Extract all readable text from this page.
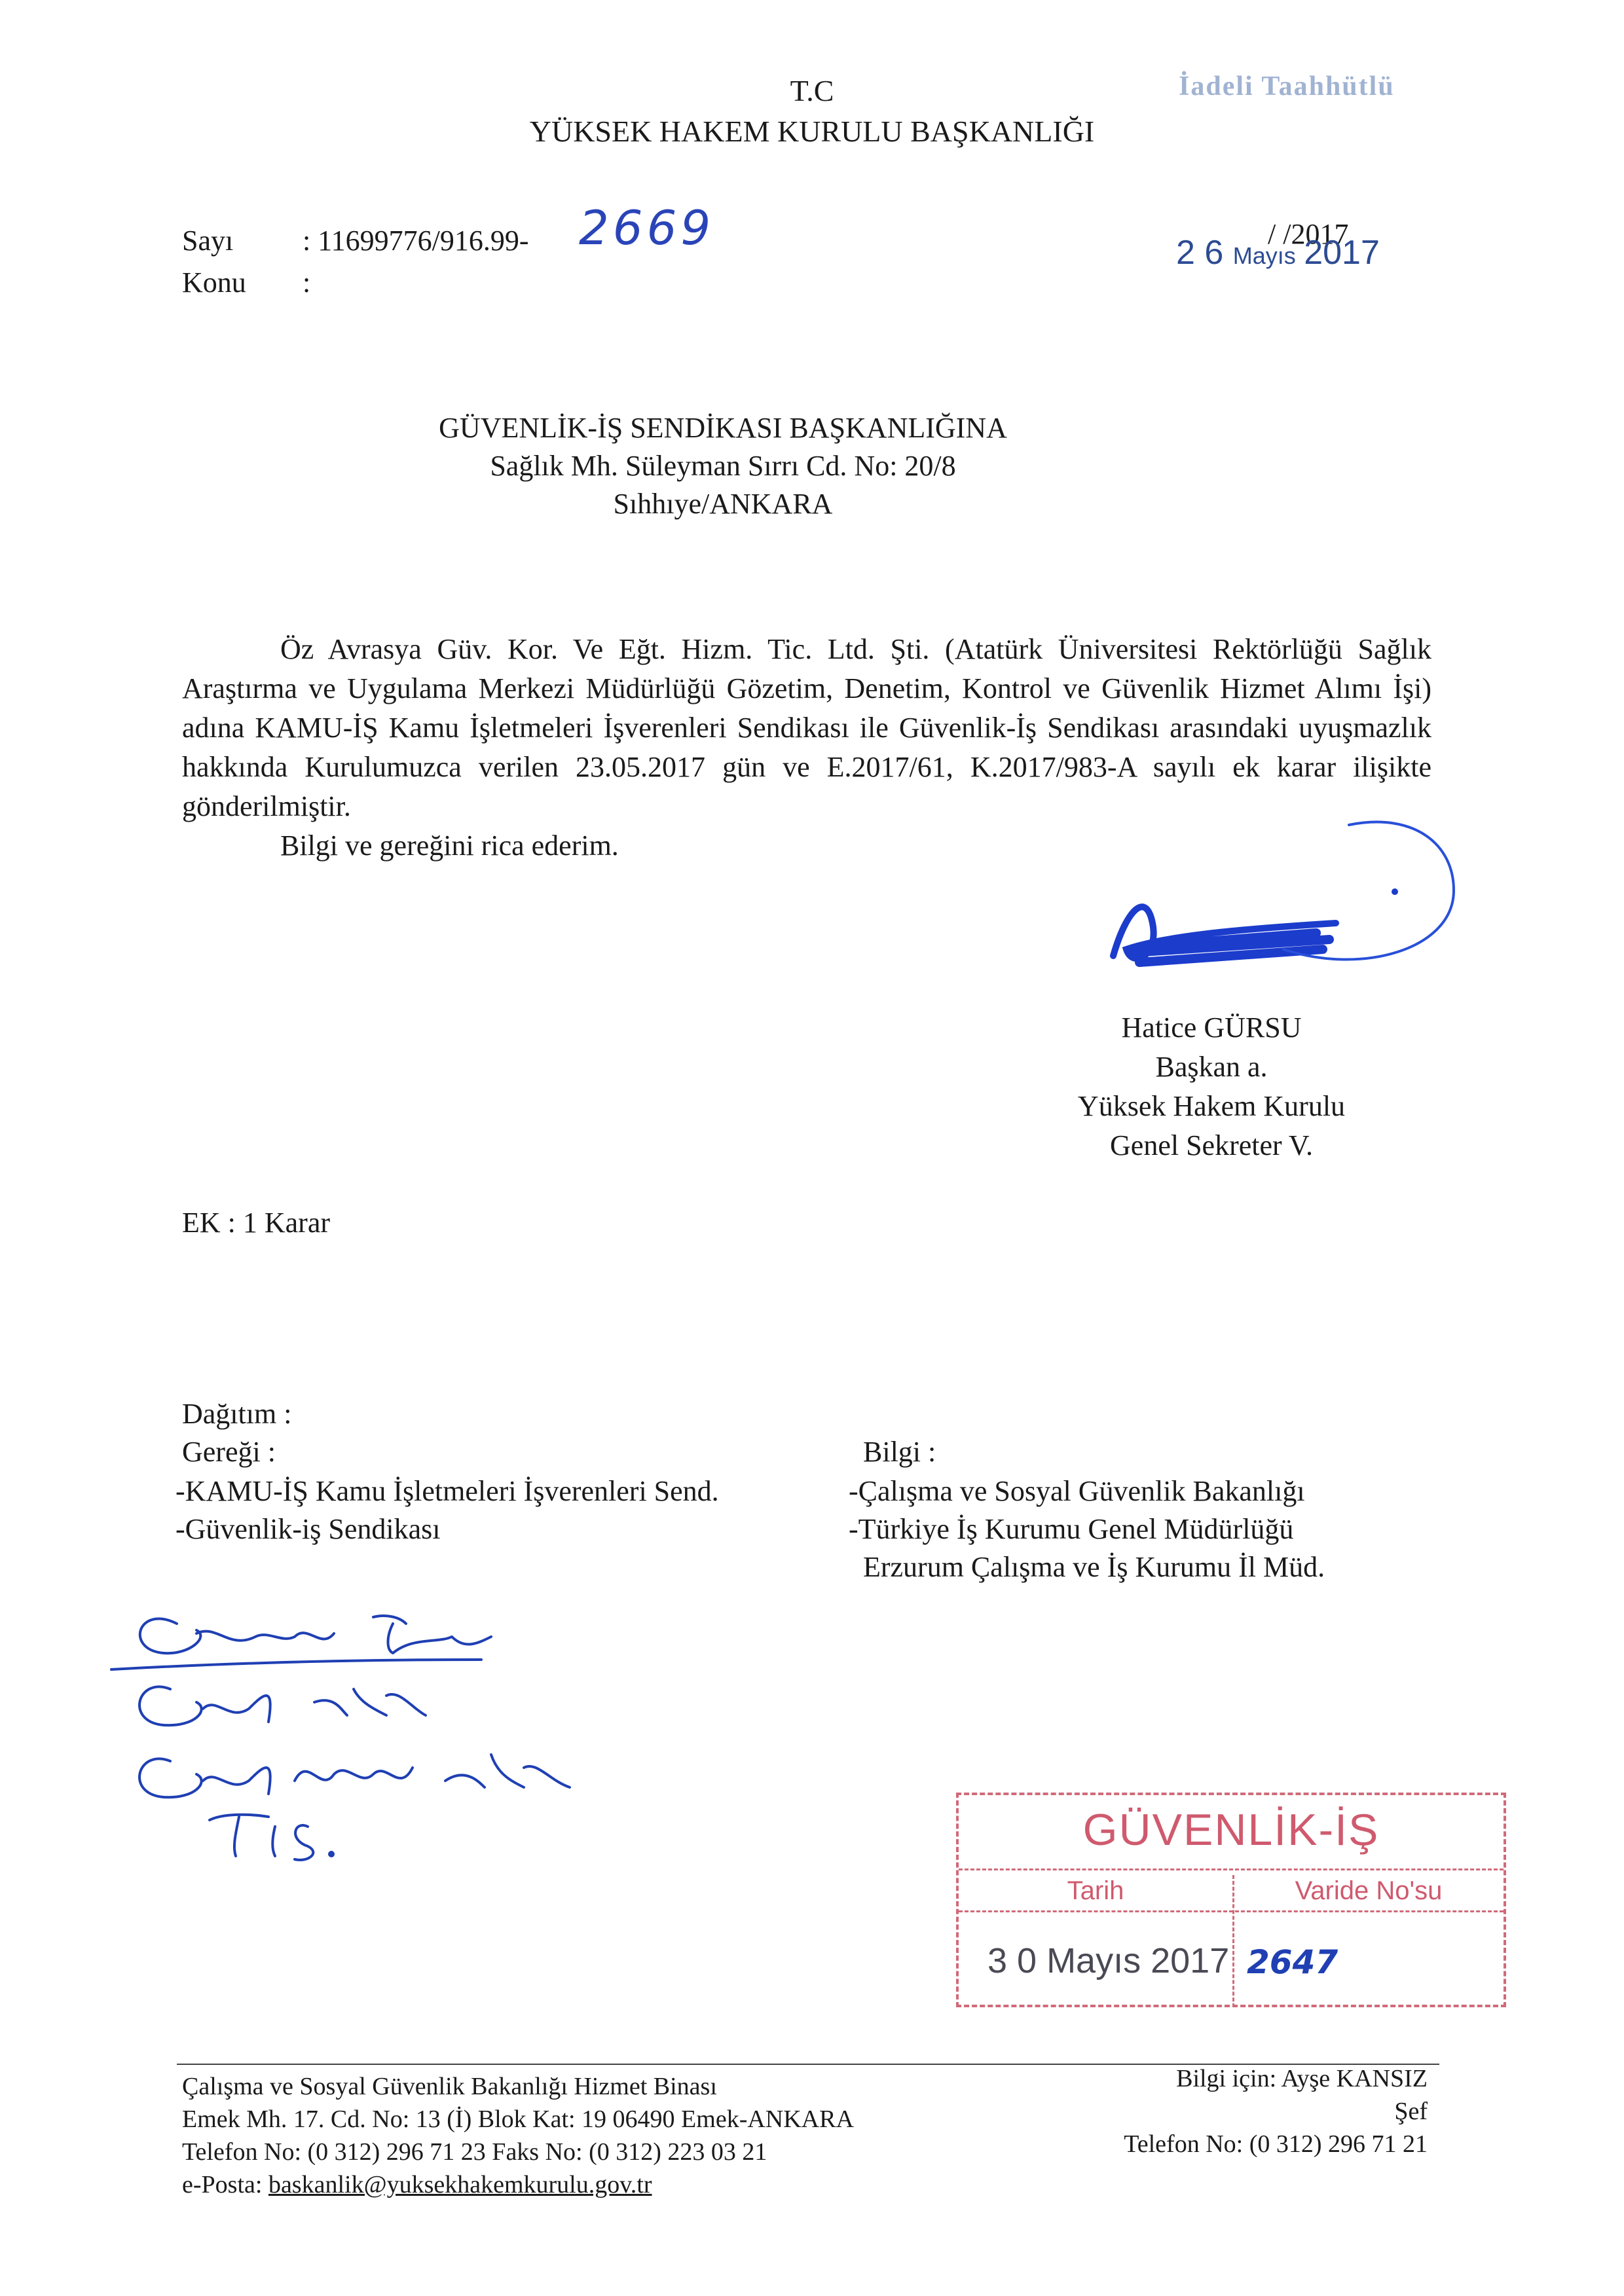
T.C
YÜKSEK HAKEM KURULU BAŞKANLIĞI
İadeli Taahhütlü
Sayı : 11699776/916.99- 2669
Konu :
/ /2017
2 6 Mayıs 2017
GÜVENLİK-İŞ SENDİKASI BAŞKANLIĞINA
Sağlık Mh. Süleyman Sırrı Cd. No: 20/8
Sıhhıye/ANKARA

Öz Avrasya Güv. Kor. Ve Eğt. Hizm. Tic. Ltd. Şti. (Atatürk Üniversitesi Rektörlüğü Sağlık Araştırma ve Uygulama Merkezi Müdürlüğü Gözetim, Denetim, Kontrol ve Güvenlik Hizmet Alımı İşi) adına KAMU-İŞ Kamu İşletmeleri İşverenleri Sendikası ile Güvenlik-İş Sendikası arasındaki uyuşmazlık hakkında Kurulumuzca verilen 23.05.2017 gün ve E.2017/61, K.2017/983-A sayılı ek karar ilişikte gönderilmiştir.

Bilgi ve gereğini rica ederim.

Hatice GÜRSU
Başkan a.
Yüksek Hakem Kurulu
Genel Sekreter V.
EK : 1 Karar
Dağıtım :
Gereği :
-KAMU-İŞ Kamu İşletmeleri İşverenleri Send.
-Güvenlik-iş Sendikası
Bilgi :
-Çalışma ve Sosyal Güvenlik Bakanlığı
-Türkiye İş Kurumu Genel Müdürlüğü
Erzurum Çalışma ve İş Kurumu İl Müd.
GÜVENLİK-İŞ
Tarih	Varide No'su
3 0 Mayıs 2017 2647
Çalışma ve Sosyal Güvenlik Bakanlığı Hizmet Binası
Emek Mh. 17. Cd. No: 13 (İ) Blok Kat: 19 06490 Emek-ANKARA
Telefon No: (0 312) 296 71 23 Faks No: (0 312) 223 03 21
e-Posta: baskanlik@yuksekhakemkurulu.gov.tr
Bilgi için: Ayşe KANSIZ
Şef
Telefon No: (0 312) 296 71 21
